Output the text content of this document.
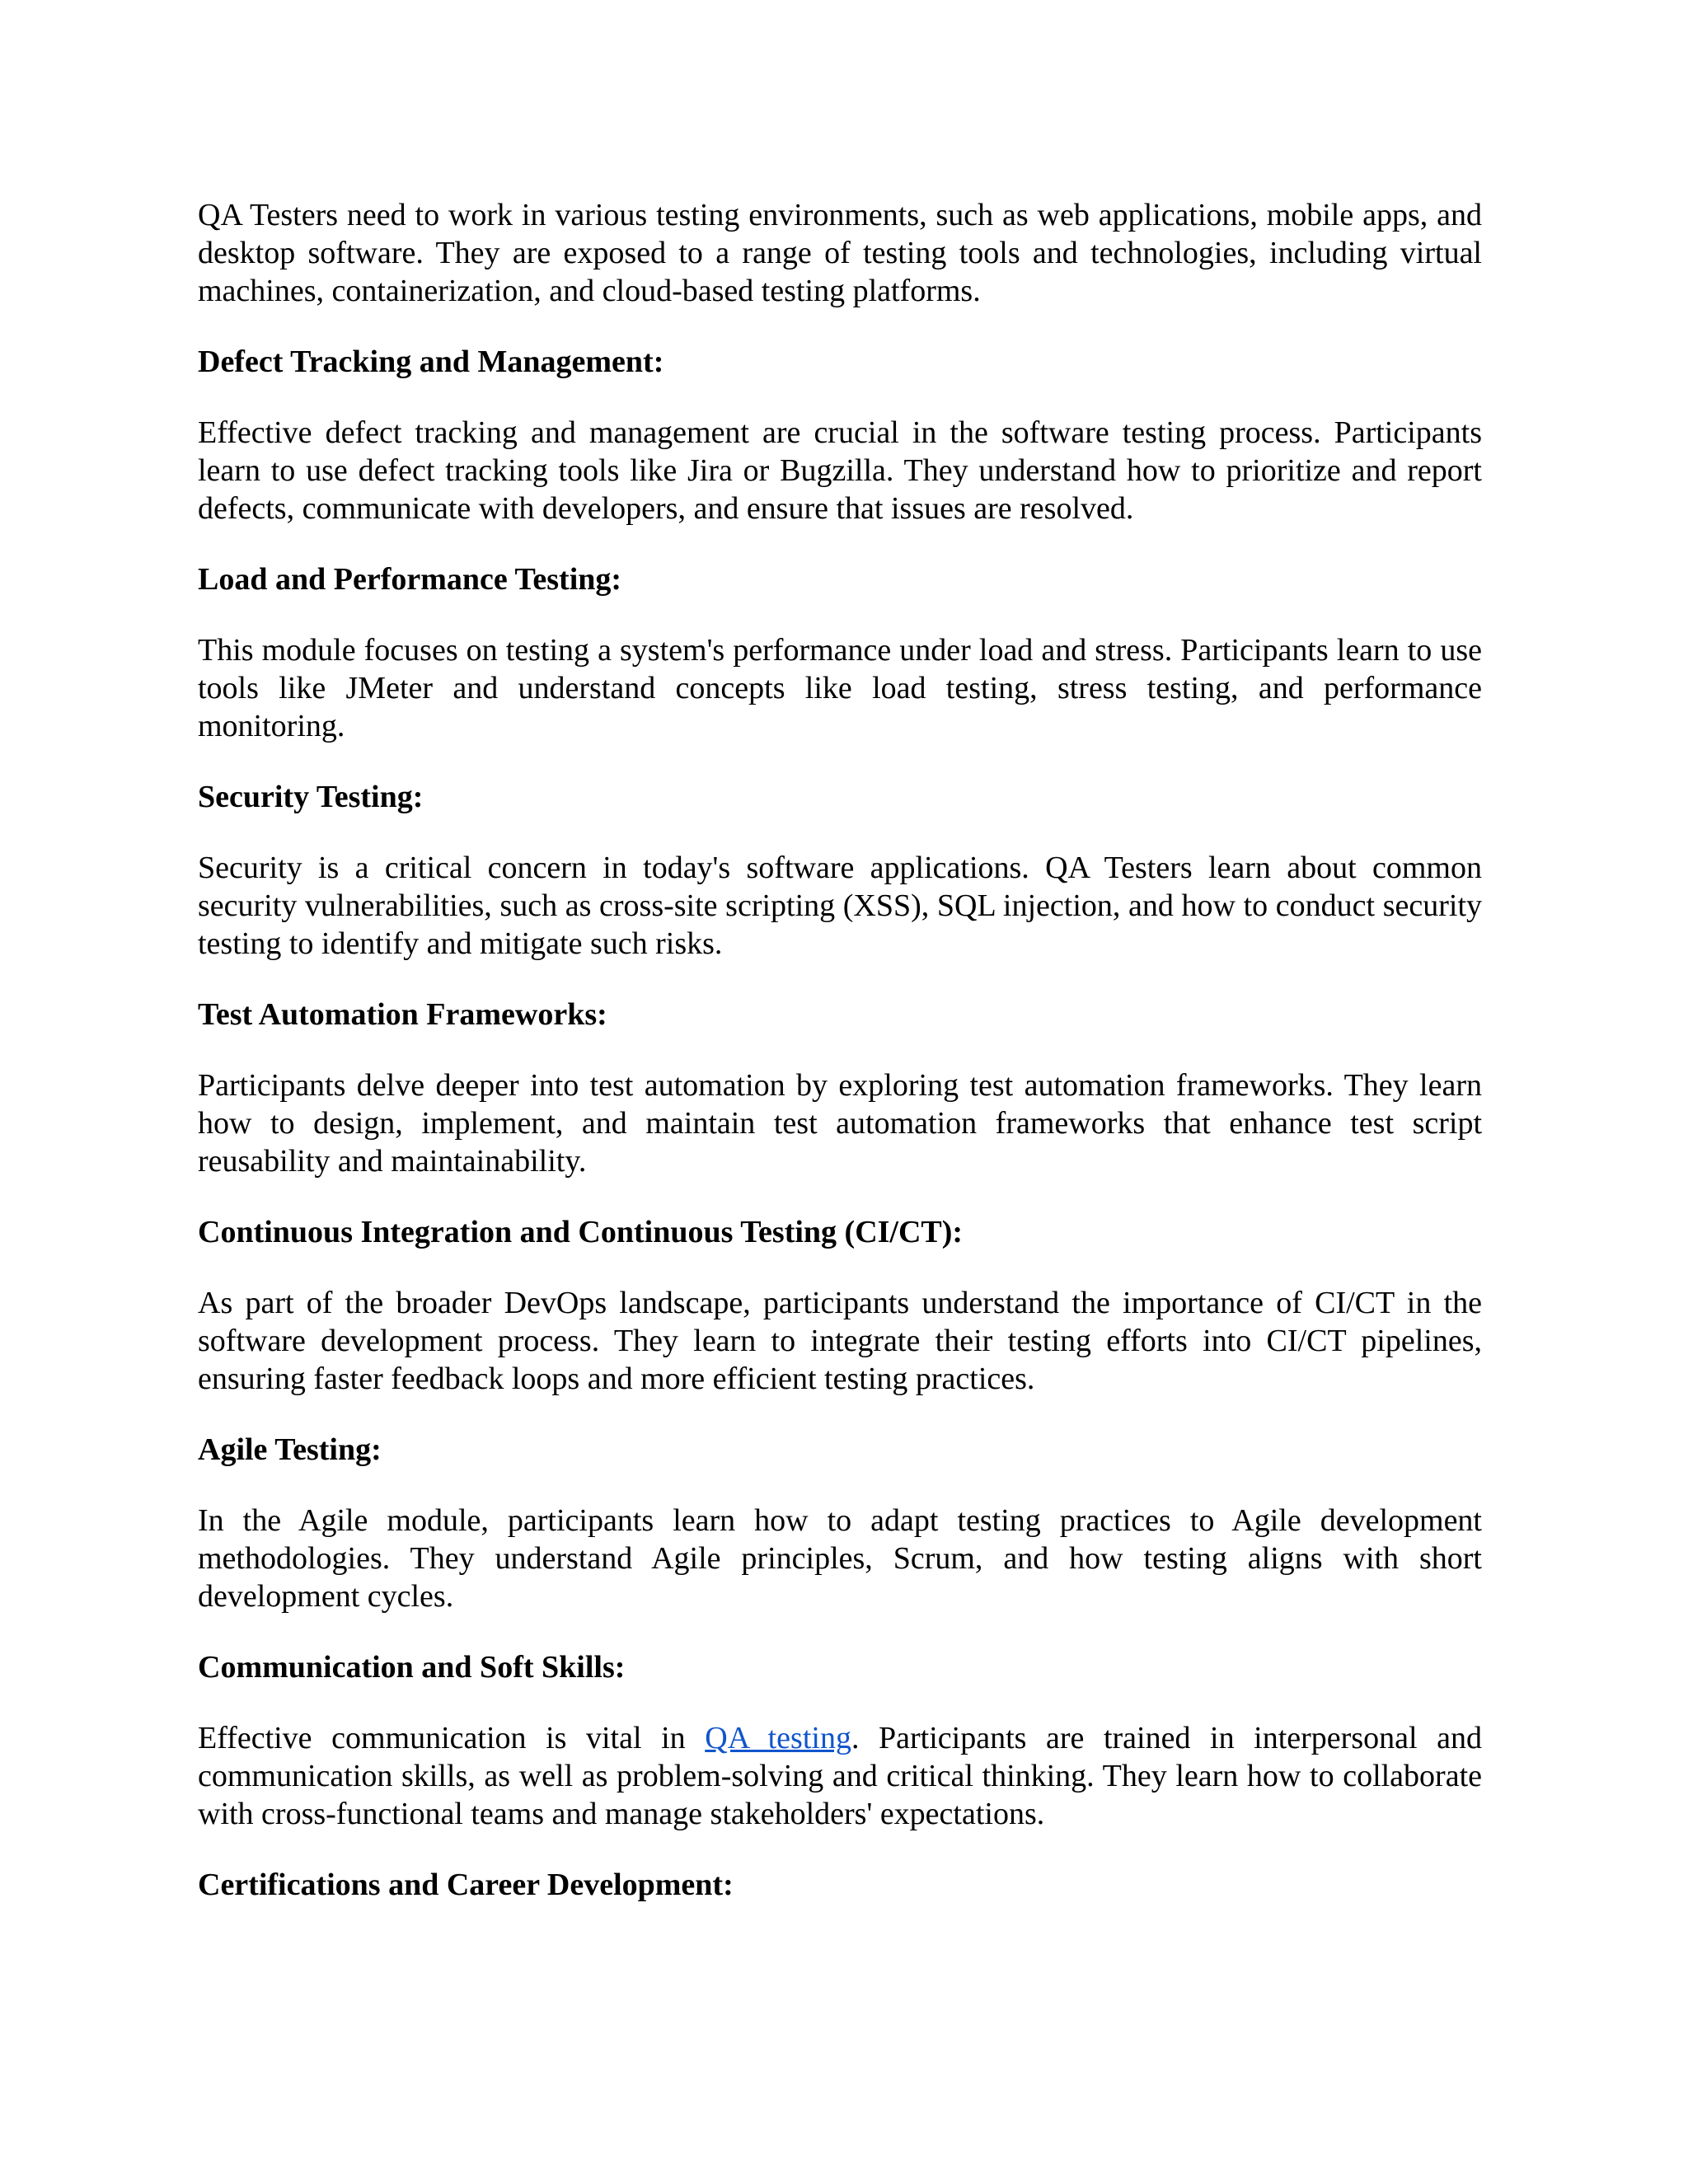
QA Testers need to work in various testing environments, such as web applications, mobile apps, and desktop software. They are exposed to a range of testing tools and technologies, including virtual machines, containerization, and cloud-based testing platforms.

Defect Tracking and Management:

Effective defect tracking and management are crucial in the software testing process. Participants learn to use defect tracking tools like Jira or Bugzilla. They understand how to prioritize and report defects, communicate with developers, and ensure that issues are resolved.

Load and Performance Testing:

This module focuses on testing a system's performance under load and stress. Participants learn to use tools like JMeter and understand concepts like load testing, stress testing, and performance monitoring.

Security Testing:

Security is a critical concern in today's software applications. QA Testers learn about common security vulnerabilities, such as cross-site scripting (XSS), SQL injection, and how to conduct security testing to identify and mitigate such risks.

Test Automation Frameworks:

Participants delve deeper into test automation by exploring test automation frameworks. They learn how to design, implement, and maintain test automation frameworks that enhance test script reusability and maintainability.

Continuous Integration and Continuous Testing (CI/CT):

As part of the broader DevOps landscape, participants understand the importance of CI/CT in the software development process. They learn to integrate their testing efforts into CI/CT pipelines, ensuring faster feedback loops and more efficient testing practices.

Agile Testing:

In the Agile module, participants learn how to adapt testing practices to Agile development methodologies. They understand Agile principles, Scrum, and how testing aligns with short development cycles.

Communication and Soft Skills:

Effective communication is vital in QA testing. Participants are trained in interpersonal and communication skills, as well as problem-solving and critical thinking. They learn how to collaborate with cross-functional teams and manage stakeholders' expectations.

Certifications and Career Development:
